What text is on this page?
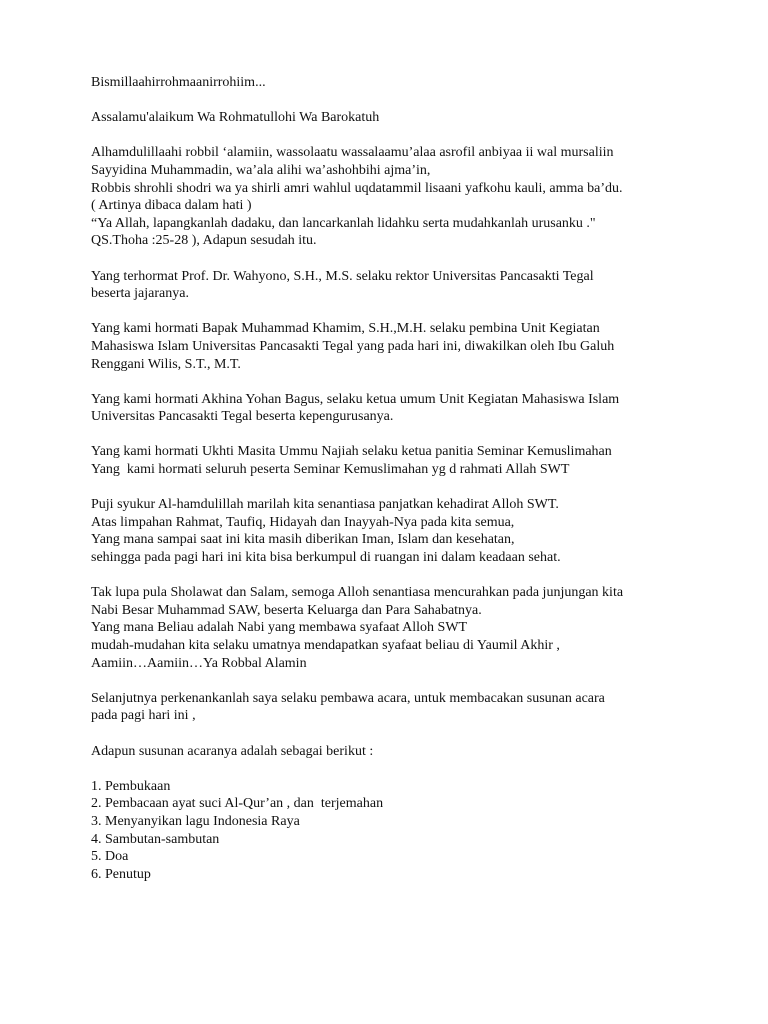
Bismillaahirrohmaanirrohiim...

Assalamu'alaikum Wa Rohmatullohi Wa Barokatuh

Alhamdulillaahi robbil ‘alamiin, wassolaatu wassalaamu’alaa asrofil anbiyaa ii wal mursaliin
Sayyidina Muhammadin, wa’ala alihi wa’ashohbihi ajma’in,
Robbis shrohli shodri wa ya shirli amri wahlul uqdatammil lisaani yafkohu kauli, amma ba’du.
( Artinya dibaca dalam hati )
“Ya Allah, lapangkanlah dadaku, dan lancarkanlah lidahku serta mudahkanlah urusanku ."
QS.Thoha :25-28 ), Adapun sesudah itu.

Yang terhormat Prof. Dr. Wahyono, S.H., M.S. selaku rektor Universitas Pancasakti Tegal
beserta jajaranya.

Yang kami hormati Bapak Muhammad Khamim, S.H.,M.H. selaku pembina Unit Kegiatan
Mahasiswa Islam Universitas Pancasakti Tegal yang pada hari ini, diwakilkan oleh Ibu Galuh
Renggani Wilis, S.T., M.T.

Yang kami hormati Akhina Yohan Bagus, selaku ketua umum Unit Kegiatan Mahasiswa Islam
Universitas Pancasakti Tegal beserta kepengurusanya.

Yang kami hormati Ukhti Masita Ummu Najiah selaku ketua panitia Seminar Kemuslimahan
Yang  kami hormati seluruh peserta Seminar Kemuslimahan yg d rahmati Allah SWT

Puji syukur Al-hamdulillah marilah kita senantiasa panjatkan kehadirat Alloh SWT.
Atas limpahan Rahmat, Taufiq, Hidayah dan Inayyah-Nya pada kita semua,
Yang mana sampai saat ini kita masih diberikan Iman, Islam dan kesehatan,
sehingga pada pagi hari ini kita bisa berkumpul di ruangan ini dalam keadaan sehat.

Tak lupa pula Sholawat dan Salam, semoga Alloh senantiasa mencurahkan pada junjungan kita
Nabi Besar Muhammad SAW, beserta Keluarga dan Para Sahabatnya.
Yang mana Beliau adalah Nabi yang membawa syafaat Alloh SWT
mudah-mudahan kita selaku umatnya mendapatkan syafaat beliau di Yaumil Akhir ,
Aamiin…Aamiin…Ya Robbal Alamin

Selanjutnya perkenankanlah saya selaku pembawa acara, untuk membacakan susunan acara
pada pagi hari ini ,

Adapun susunan acaranya adalah sebagai berikut :

1. Pembukaan
2. Pembacaan ayat suci Al-Qur’an , dan  terjemahan
3. Menyanyikan lagu Indonesia Raya
4. Sambutan-sambutan
5. Doa
6. Penutup
